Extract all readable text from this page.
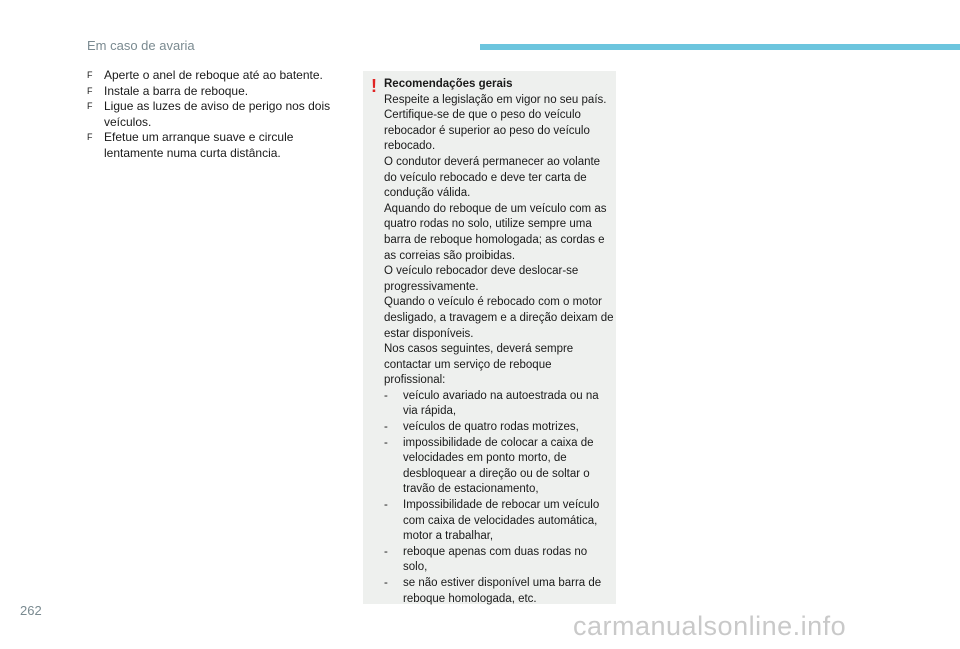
Em caso de avaria
F Aperte o anel de reboque até ao batente.
F Instale a barra de reboque.
F Ligue as luzes de aviso de perigo nos dois veículos.
F Efetue um arranque suave e circule lentamente numa curta distância.
! Recomendações gerais
Respeite a legislação em vigor no seu país.
Certifique-se de que o peso do veículo rebocador é superior ao peso do veículo rebocado.
O condutor deverá permanecer ao volante do veículo rebocado e deve ter carta de condução válida.
Aquando do reboque de um veículo com as quatro rodas no solo, utilize sempre uma barra de reboque homologada; as cordas e as correias são proibidas.
O veículo rebocador deve deslocar-se progressivamente.
Quando o veículo é rebocado com o motor desligado, a travagem e a direção deixam de estar disponíveis.
Nos casos seguintes, deverá sempre contactar um serviço de reboque profissional:
- veículo avariado na autoestrada ou na via rápida,
- veículos de quatro rodas motrizes,
- impossibilidade de colocar a caixa de velocidades em ponto morto, de desbloquear a direção ou de soltar o travão de estacionamento,
- Impossibilidade de rebocar um veículo com caixa de velocidades automática, motor a trabalhar,
- reboque apenas com duas rodas no solo,
- se não estiver disponível uma barra de reboque homologada, etc.
262
carmanualsonline.info
